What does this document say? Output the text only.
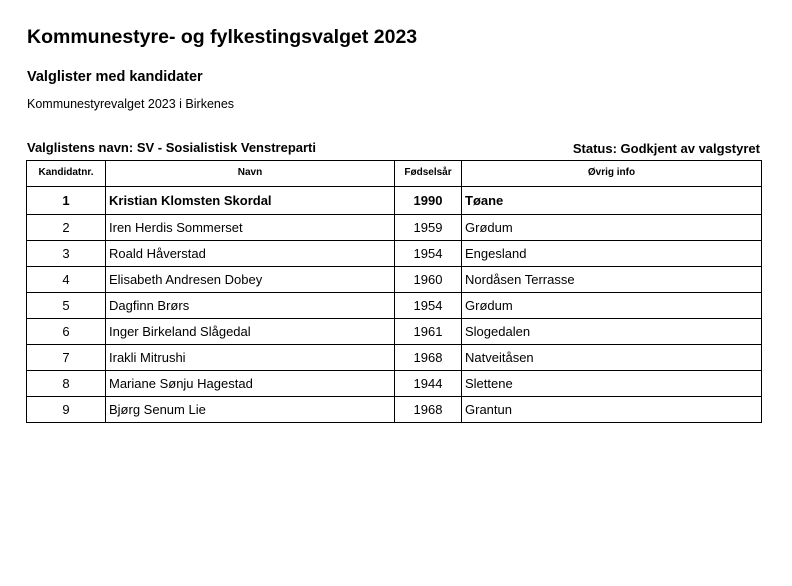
Kommunestyre- og fylkestingsvalget 2023
Valglister med kandidater

Kommunestyrevalget 2023 i Birkenes

Valglistens navn: SV - Sosialistisk Venstreparti	Status: Godkjent av valgstyret
Kandidatnr.	Navn	Fødselsår	Øvrig info
1	Kristian Klomsten Skordal	1990	Tøane
2	Iren Herdis Sommerset	1959	Grødum
3	Roald Håverstad	1954	Engesland
4	Elisabeth Andresen Dobey	1960	Nordåsen Terrasse
5	Dagfinn Brørs	1954	Grødum
6	Inger Birkeland Slågedal	1961	Slogedalen
7	Irakli Mitrushi	1968	Natveitåsen
8	Mariane Sønju Hagestad	1944	Slettene
9	Bjørg Senum Lie	1968	Grantun
